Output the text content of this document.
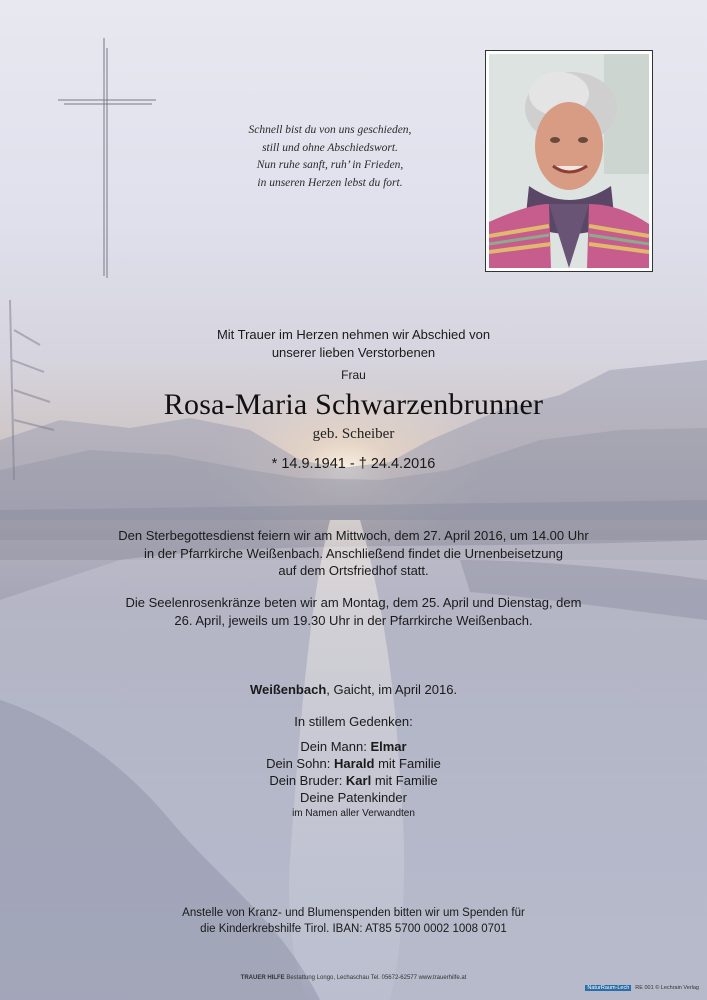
Schnell bist du von uns geschieden,
still und ohne Abschiedswort.
Nun ruhe sanft, ruh’ in Frieden,
in unseren Herzen lebst du fort.
Mit Trauer im Herzen nehmen wir Abschied von
unserer lieben Verstorbenen
Frau
Rosa-Maria Schwarzenbrunner
geb. Scheiber
* 14.9.1941 - † 24.4.2016
Den Sterbegottesdienst feiern wir am Mittwoch, dem 27. April 2016, um 14.00 Uhr
in der Pfarrkirche Weißenbach. Anschließend findet die Urnenbeisetzung
auf dem Ortsfriedhof statt.
Die Seelenrosenkränze beten wir am Montag, dem 25. April und Dienstag, dem
26. April, jeweils um 19.30 Uhr in der Pfarrkirche Weißenbach.
Weißenbach, Gaicht, im April 2016.
In stillem Gedenken:
Dein Mann: Elmar
Dein Sohn: Harald mit Familie
Dein Bruder: Karl mit Familie
Deine Patenkinder
im Namen aller Verwandten
Anstelle von Kranz- und Blumenspenden bitten wir um Spenden für
die Kinderkrebshilfe Tirol. IBAN: AT85 5700 0002 1008 0701
TRAUER HILFE Bestattung Longo, Lechaschau Tel. 05672-62577 www.trauerhilfe.at
NaturRaum-Lech RE 001 © Lechrain Verlag
